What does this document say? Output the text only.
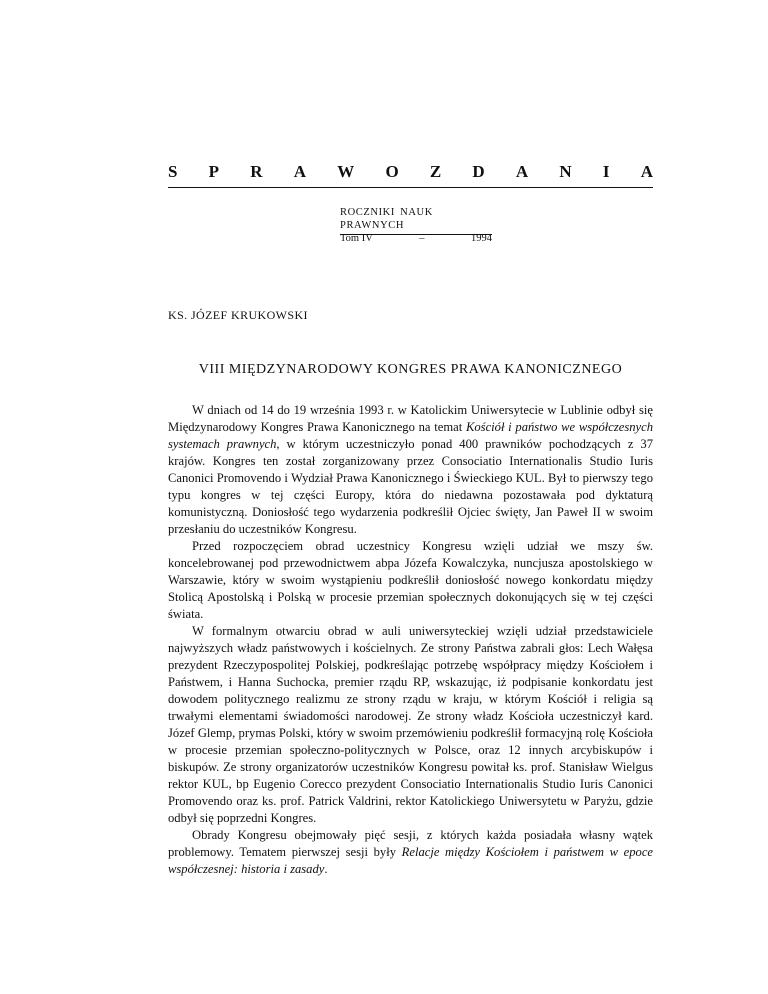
S P R A W O Z D A N I A
ROCZNIKI NAUK PRAWNYCH
Tom IV	–	1994
KS. JÓZEF KRUKOWSKI
VIII MIĘDZYNARODOWY KONGRES PRAWA KANONICZNEGO

W dniach od 14 do 19 września 1993 r. w Katolickim Uniwersytecie w Lublinie odbył się Międzynarodowy Kongres Prawa Kanonicznego na temat Kościół i państwo we współczesnych systemach prawnych, w którym uczestniczyło ponad 400 prawników pochodzących z 37 krajów. Kongres ten został zorganizowany przez Consociatio Internationalis Studio Iuris Canonici Promovendo i Wydział Prawa Kanonicznego i Świeckiego KUL. Był to pierwszy tego typu kongres w tej części Europy, która do niedawna pozostawała pod dyktaturą komunistyczną. Doniosłość tego wydarzenia podkreślił Ojciec święty, Jan Paweł II w swoim przesłaniu do uczestników Kongresu.

Przed rozpoczęciem obrad uczestnicy Kongresu wzięli udział we mszy św. koncelebrowanej pod przewodnictwem abpa Józefa Kowalczyka, nuncjusza apostolskiego w Warszawie, który w swoim wystąpieniu podkreślił doniosłość nowego konkordatu między Stolicą Apostolską i Polską w procesie przemian społecznych dokonujących się w tej części świata.

W formalnym otwarciu obrad w auli uniwersyteckiej wzięli udział przedstawiciele najwyższych władz państwowych i kościelnych. Ze strony Państwa zabrali głos: Lech Wałęsa prezydent Rzeczypospolitej Polskiej, podkreślając potrzebę współpracy między Kościołem i Państwem, i Hanna Suchocka, premier rządu RP, wskazując, iż podpisanie konkordatu jest dowodem politycznego realizmu ze strony rządu w kraju, w którym Kościół i religia są trwałymi elementami świadomości narodowej. Ze strony władz Kościoła uczestniczył kard. Józef Glemp, prymas Polski, który w swoim przemówieniu podkreślił formacyjną rolę Kościoła w procesie przemian społeczno-politycznych w Polsce, oraz 12 innych arcybiskupów i biskupów. Ze strony organizatorów uczestników Kongresu powitał ks. prof. Stanisław Wielgus rektor KUL, bp Eugenio Corecco prezydent Consociatio Internationalis Studio Iuris Canonici Promovendo oraz ks. prof. Patrick Valdrini, rektor Katolickiego Uniwersytetu w Paryżu, gdzie odbył się poprzedni Kongres.

Obrady Kongresu obejmowały pięć sesji, z których każda posiadała własny wątek problemowy. Tematem pierwszej sesji były Relacje między Kościołem i państwem w epoce współczesnej: historia i zasady.
